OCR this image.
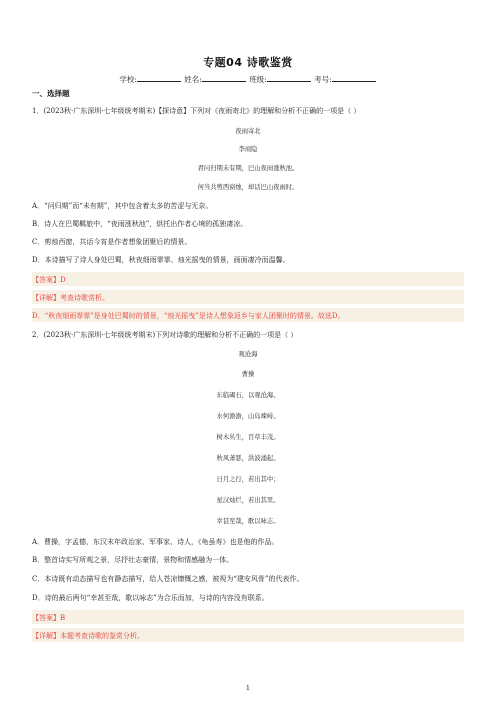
专题04 诗歌鉴赏
学校:	姓名:	班级:	考号:
一、选择题
1．(2023秋·广东深圳·七年级统考期末)【探诗意】下列对《夜雨寄北》的理解和分析不正确的一项是（ ）
夜雨寄北
李商隐
君问归期未有期，巴山夜雨涨秋池。
何当共剪西窗烛，却话巴山夜雨时。
A．“问归期”而“未有期”，其中包含着太多的苦涩与无奈。
B．诗人在巴蜀羁旅中，“夜雨涨秋池”，烘托出作者心境的孤独凄凉。
C．剪烛西窗，共话今宵是作者想象团聚后的情景。
D．本诗描写了诗人身处巴蜀，秋夜细雨霏霏、烛光摇曳的情景，画面凄冷而温馨。
【答案】D
【详解】考查诗歌赏析。
D．“秋夜细雨霏霏”是身处巴蜀时的情景，“烛光摇曳”是诗人想象返乡与家人团聚时的情景。故选D。
2．(2023秋·广东深圳·七年级统考期末)下列对诗歌的理解和分析不正确的一项是（ ）
观沧海
曹操
东临碣石，以观沧海。
水何澹澹，山岛竦峙。
树木丛生，百草丰茂。
秋风萧瑟，洪波涌起。
日月之行，若出其中；
星汉灿烂，若出其里。
幸甚至哉，歌以咏志。
A．曹操，字孟德，东汉末年政治家、军事家、诗人，《龟虽寿》也是他的作品。
B．整首诗实写所观之景，尽抒壮志豪情，景物和情感融为一体。
C．本诗既有动态描写也有静态描写，给人苍凉慷慨之感，被视为“建安风骨”的代表作。
D．诗的最后两句“幸甚至哉，歌以咏志”为合乐而加，与诗的内容没有联系。
【答案】B
【详解】本题考查诗歌的鉴赏分析。
1
